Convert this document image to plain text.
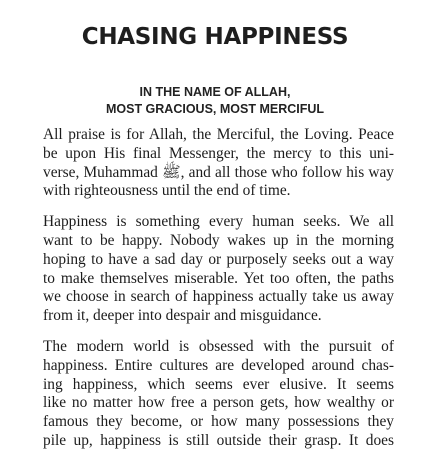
CHASING HAPPINESS
IN THE NAME OF ALLAH,
MOST GRACIOUS, MOST MERCIFUL

All praise is for Allah, the Merciful, the Loving. Peace
be upon His final Messenger, the mercy to this uni-
verse, Muhammad ﷺ, and all those who follow his way
with righteousness until the end of time.

Happiness is something every human seeks. We all
want to be happy. Nobody wakes up in the morning
hoping to have a sad day or purposely seeks out a way
to make themselves miserable. Yet too often, the paths
we choose in search of happiness actually take us away
from it, deeper into despair and misguidance.

The modern world is obsessed with the pursuit of
happiness. Entire cultures are developed around chas-
ing happiness, which seems ever elusive. It seems
like no matter how free a person gets, how wealthy or
famous they become, or how many possessions they
pile up, happiness is still outside their grasp. It does
